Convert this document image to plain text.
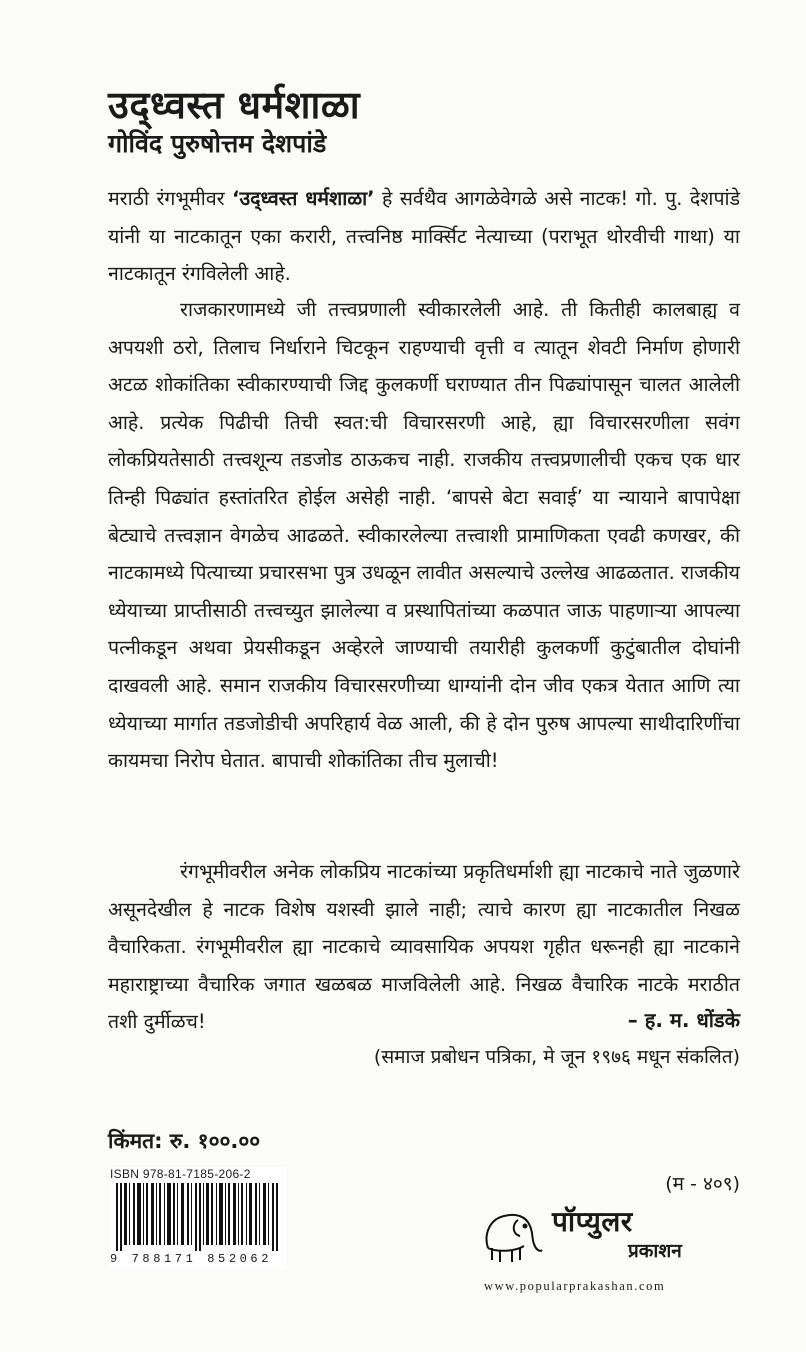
उद्ध्वस्त धर्मशाळा
गोविंद पुरुषोत्तम देशपांडे

मराठी रंगभूमीवर ‘उद्ध्वस्त धर्मशाळा’ हे सर्वथैव आगळेवेगळे असे नाटक! गो. पु. देशपांडे यांनी या नाटकातून एका करारी, तत्त्वनिष्ठ मार्क्सिट नेत्याच्या (पराभूत थोरवीची गाथा) या नाटकातून रंगविलेली आहे.

राजकारणामध्ये जी तत्त्वप्रणाली स्वीकारलेली आहे. ती कितीही कालबाह्य व अपयशी ठरो, तिलाच निर्धाराने चिटकून राहण्याची वृत्ती व त्यातून शेवटी निर्माण होणारी अटळ शोकांतिका स्वीकारण्याची जिद्द कुलकर्णी घराण्यात तीन पिढ्यांपासून चालत आलेली आहे. प्रत्येक पिढीची तिची स्वत:ची विचारसरणी आहे, ह्या विचारसरणीला सवंग लोकप्रियतेसाठी तत्त्वशून्य तडजोड ठाऊकच नाही. राजकीय तत्त्वप्रणालीची एकच एक धार तिन्ही पिढ्यांत हस्तांतरित होईल असेही नाही. ‘बापसे बेटा सवाई’ या न्यायाने बापापेक्षा बेट्याचे तत्त्वज्ञान वेगळेच आढळते. स्वीकारलेल्या तत्त्वाशी प्रामाणिकता एवढी कणखर, की नाटकामध्ये पित्याच्या प्रचारसभा पुत्र उधळून लावीत असल्याचे उल्लेख आढळतात. राजकीय ध्येयाच्या प्राप्तीसाठी तत्त्वच्युत झालेल्या व प्रस्थापितांच्या कळपात जाऊ पाहणाऱ्या आपल्या पत्नीकडून अथवा प्रेयसीकडून अव्हेरले जाण्याची तयारीही कुलकर्णी कुटुंबातील दोघांनी दाखवली आहे. समान राजकीय विचारसरणीच्या धाग्यांनी दोन जीव एकत्र येतात आणि त्या ध्येयाच्या मार्गात तडजोडीची अपरिहार्य वेळ आली, की हे दोन पुरुष आपल्या साथीदारिणींचा कायमचा निरोप घेतात. बापाची शोकांतिका तीच मुलाची!

रंगभूमीवरील अनेक लोकप्रिय नाटकांच्या प्रकृतिधर्माशी ह्या नाटकाचे नाते जुळणारे असूनदेखील हे नाटक विशेष यशस्वी झाले नाही; त्याचे कारण ह्या नाटकातील निखळ वैचारिकता. रंगभूमीवरील ह्या नाटकाचे व्यावसायिक अपयश गृहीत धरूनही ह्या नाटकाने महाराष्ट्राच्या वैचारिक जगात खळबळ माजविलेली आहे. निखळ वैचारिक नाटके मराठीत तशी दुर्मीळच!	– ह. म. धोंडके
(समाज प्रबोधन पत्रिका, मे जून १९७६ मधून संकलित)
किंमत: रु. १००.००
ISBN 978-81-7185-206-2
9 788171 852062
(म - ४०९)
पॉप्युलर
प्रकाशन
www.popularprakashan.com
